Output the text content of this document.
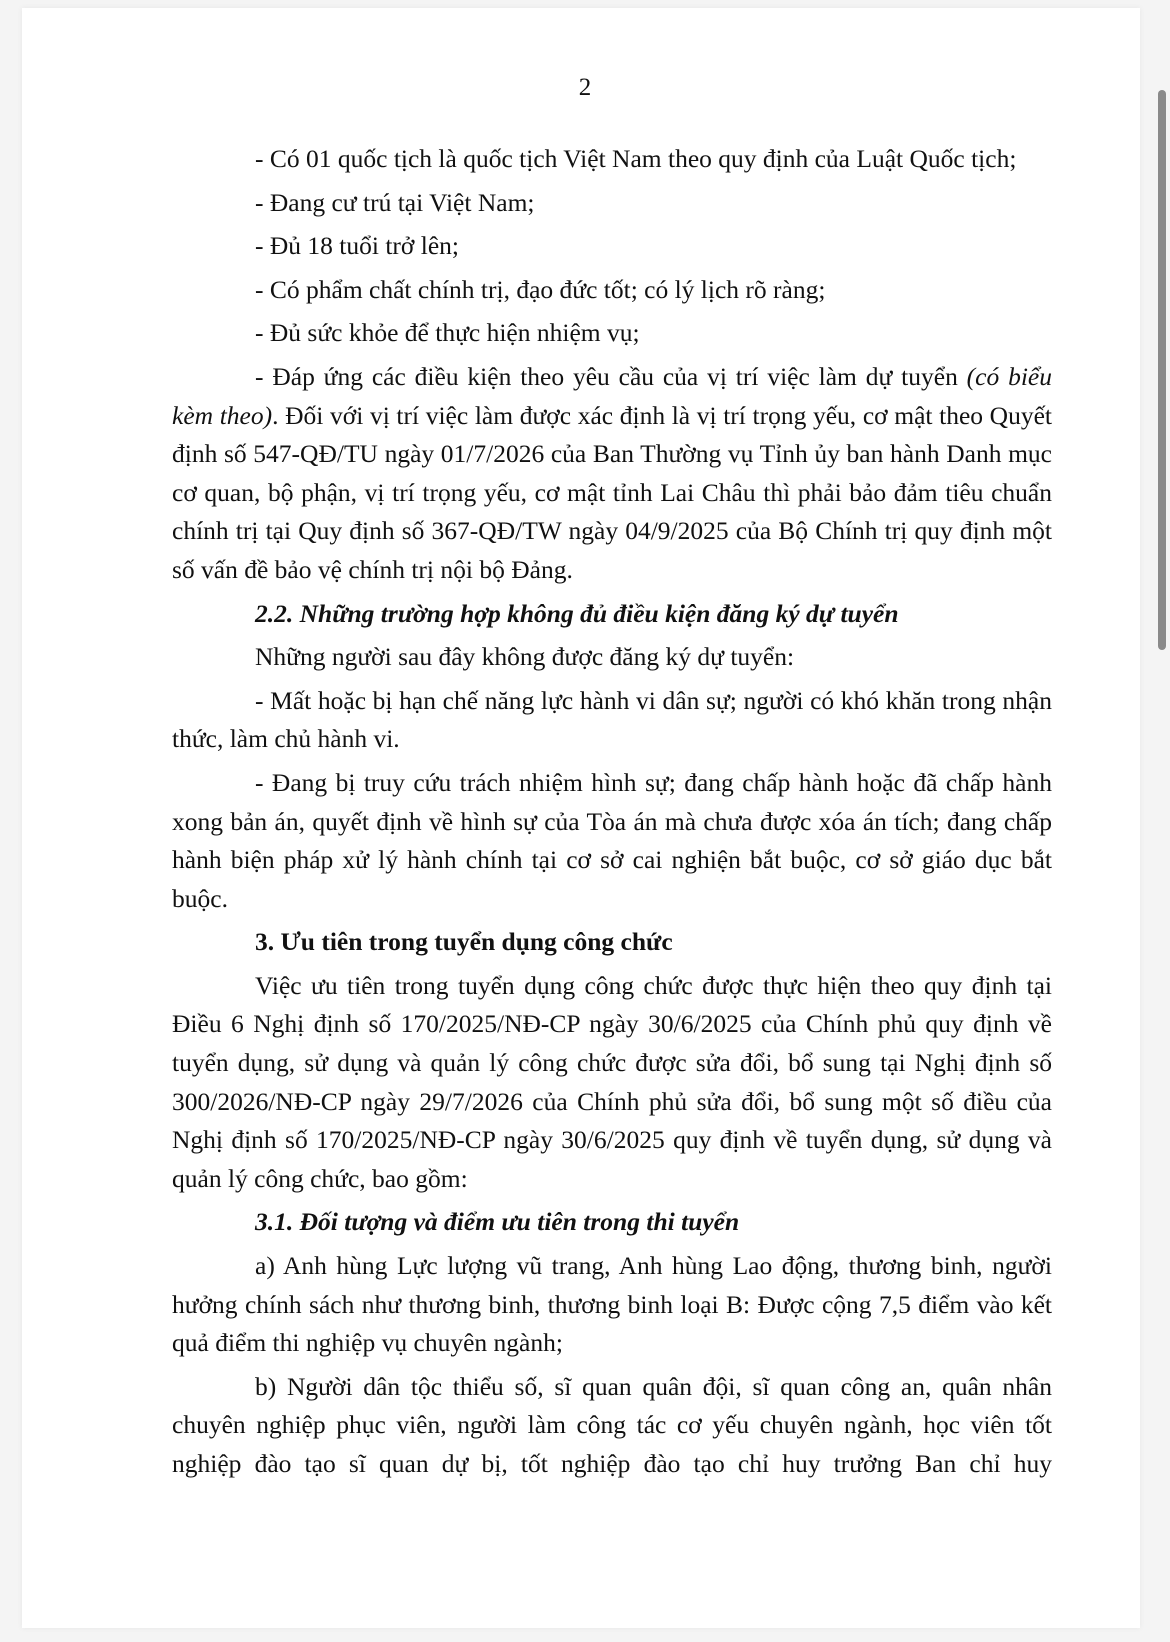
2

- Có 01 quốc tịch là quốc tịch Việt Nam theo quy định của Luật Quốc tịch;

- Đang cư trú tại Việt Nam;

- Đủ 18 tuổi trở lên;

- Có phẩm chất chính trị, đạo đức tốt; có lý lịch rõ ràng;

- Đủ sức khỏe để thực hiện nhiệm vụ;

- Đáp ứng các điều kiện theo yêu cầu của vị trí việc làm dự tuyển (có biểu kèm theo). Đối với vị trí việc làm được xác định là vị trí trọng yếu, cơ mật theo Quyết định số 547-QĐ/TU ngày 01/7/2026 của Ban Thường vụ Tỉnh ủy ban hành Danh mục cơ quan, bộ phận, vị trí trọng yếu, cơ mật tỉnh Lai Châu thì phải bảo đảm tiêu chuẩn chính trị tại Quy định số 367-QĐ/TW ngày 04/9/2025 của Bộ Chính trị quy định một số vấn đề bảo vệ chính trị nội bộ Đảng.

2.2. Những trường hợp không đủ điều kiện đăng ký dự tuyển

Những người sau đây không được đăng ký dự tuyển:

- Mất hoặc bị hạn chế năng lực hành vi dân sự; người có khó khăn trong nhận thức, làm chủ hành vi.

- Đang bị truy cứu trách nhiệm hình sự; đang chấp hành hoặc đã chấp hành xong bản án, quyết định về hình sự của Tòa án mà chưa được xóa án tích; đang chấp hành biện pháp xử lý hành chính tại cơ sở cai nghiện bắt buộc, cơ sở giáo dục bắt buộc.

3. Ưu tiên trong tuyển dụng công chức

Việc ưu tiên trong tuyển dụng công chức được thực hiện theo quy định tại Điều 6 Nghị định số 170/2025/NĐ-CP ngày 30/6/2025 của Chính phủ quy định về tuyển dụng, sử dụng và quản lý công chức được sửa đổi, bổ sung tại Nghị định số 300/2026/NĐ-CP ngày 29/7/2026 của Chính phủ sửa đổi, bổ sung một số điều của Nghị định số 170/2025/NĐ-CP ngày 30/6/2025 quy định về tuyển dụng, sử dụng và quản lý công chức, bao gồm:

3.1. Đối tượng và điểm ưu tiên trong thi tuyển

a) Anh hùng Lực lượng vũ trang, Anh hùng Lao động, thương binh, người hưởng chính sách như thương binh, thương binh loại B: Được cộng 7,5 điểm vào kết quả điểm thi nghiệp vụ chuyên ngành;

b) Người dân tộc thiểu số, sĩ quan quân đội, sĩ quan công an, quân nhân chuyên nghiệp phục viên, người làm công tác cơ yếu chuyên ngành, học viên tốt nghiệp đào tạo sĩ quan dự bị, tốt nghiệp đào tạo chỉ huy trưởng Ban chỉ huy
